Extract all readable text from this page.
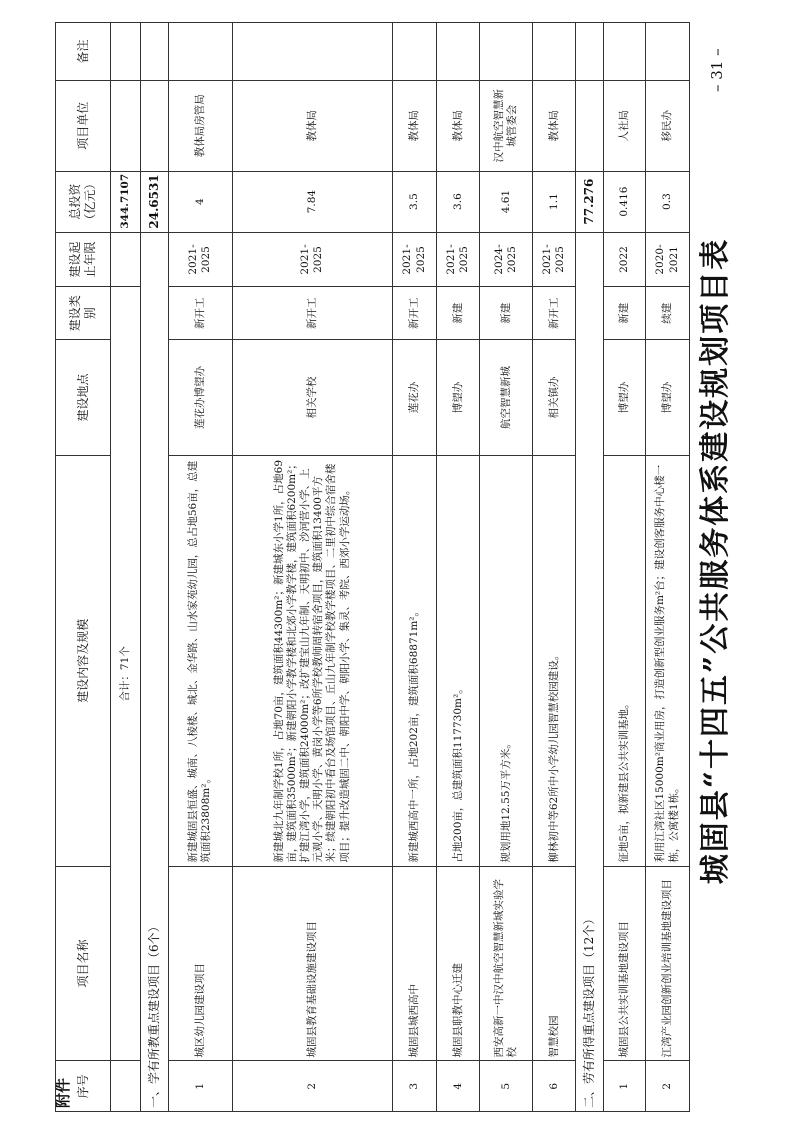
附件 序号	项目名称	建设内容及规模	建设地点	建设类别	建设起止年限	总投资（亿元）	项目单位	备注
	合计：71个					344.7107		
一、学有所教重点建设项目（6个）						24.6531		
1	城区幼儿园建设项目	新建城固县恒盛、城南、八棱楼、城北、金华路、山水家苑幼儿园，总占地56亩，总建筑面积23808m²。	莲花办博望办	新开工	2021-2025	4	教体局房管局	
2	城固县教育基础设施建设项目	新建城北九年制学校1所，占地70亩，建筑面积44300m²；新建城东小学1所，占地69亩，建筑面积35000m²；新建朝阳小学教学楼和北郊小学教学楼，建筑面积6200m²；扩建江湾小学，建筑面积24000m²；改扩建宝山九年制、天明初中、沙河营小学、上元观小学、天明小学、黄岗小学等6所学校教师周转宿舍项目，建筑面积13400平方米；续建朝阳初中看台及场馆项目、丘山九年制学校教学楼项目、二里初中综合宿舍楼项目；提升改造城固二中、朝阳中学、朝阳小学、集灵、考院、西郊小学运动场。	相关学校	新开工	2021-2025	7.84	教体局	
3	城固县城西高中	新建城西高中一所，占地202亩，建筑面积68871m²。	莲花办	新开工	2021-2025	3.5	教体局	
4	城固县职教中心迁建	占地200亩，总建筑面积117730m²。	博望办	新建	2021-2025	3.6	教体局	
5	西安高新一中汉中航空智慧新城实验学校	规划用地12.55万平方米。	航空智慧新城	新建	2024-2025	4.61	汉中航空智慧新城管委会	
6	智慧校园	柳林初中等62所中小学幼儿园智慧校园建设。	相关镇办	新开工	2021-2025	1.1	教体局	
二、劳有所得重点建设项目（12个）						77.276		
1	城固县公共实训基地建设项目	征地5亩，拟新建县公共实训基地。	博望办	新建	2022	0.416	人社局	
2	江湾产业园创新创业培训基地建设项目	利用江湾社区15000m²商业用房，打造创新型创业服务m²台；建设创客服务中心楼一栋，公寓楼1栋。	博望办	续建	2020-2021	0.3	移民办	
城固县“十四五”公共服务体系建设规划项目表
– 31 –
